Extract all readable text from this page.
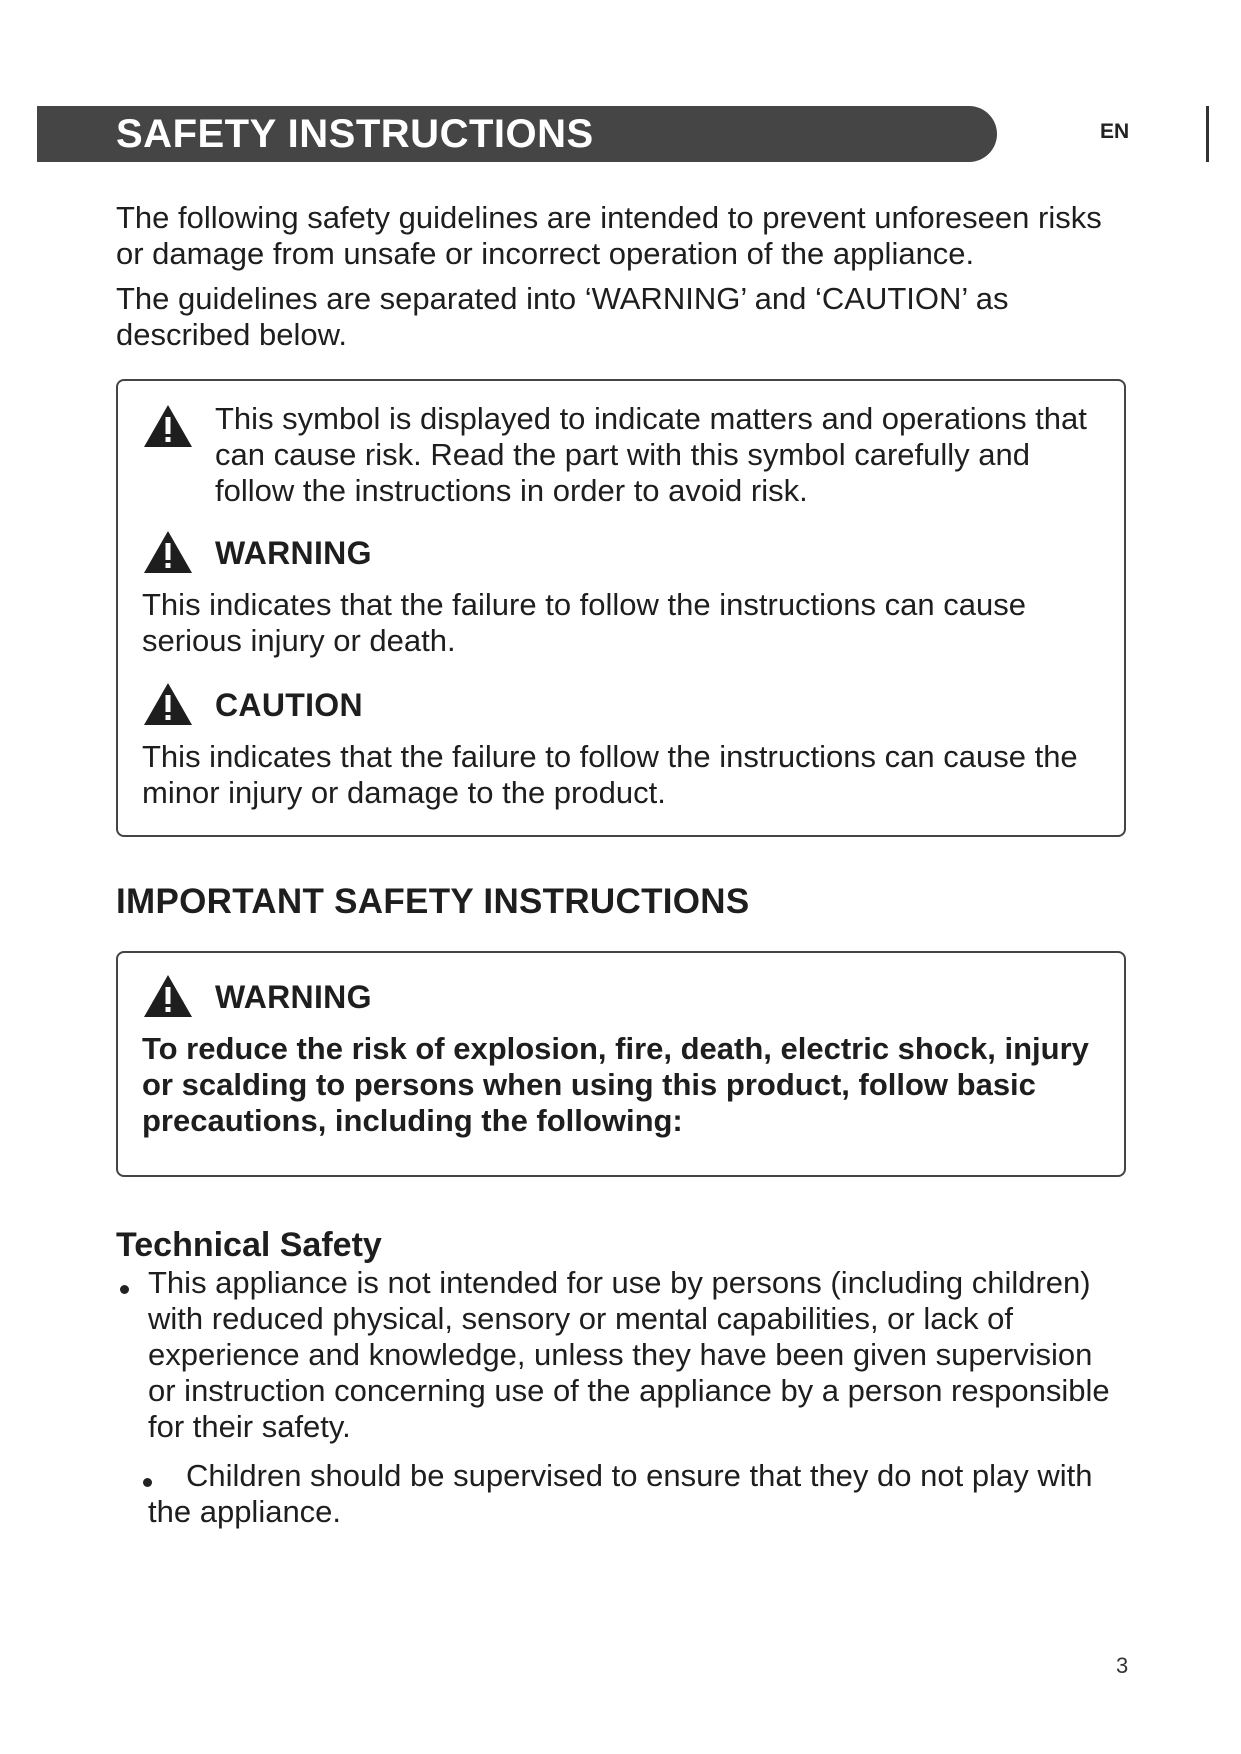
SAFETY INSTRUCTIONS	EN

The following safety guidelines are intended to prevent unforeseen risks or damage from unsafe or incorrect operation of the appliance.

The guidelines are separated into ‘WARNING’ and ‘CAUTION’ as described below.

This symbol is displayed to indicate matters and operations that can cause risk. Read the part with this symbol carefully and follow the instructions in order to avoid risk.
WARNING
This indicates that the failure to follow the instructions can cause serious injury or death.
CAUTION
This indicates that the failure to follow the instructions can cause the minor injury or damage to the product.
IMPORTANT SAFETY INSTRUCTIONS
WARNING
To reduce the risk of explosion, fire, death, electric shock, injury or scalding to persons when using this product, follow basic precautions, including the following:
Technical Safety
This appliance is not intended for use by persons (including children) with reduced physical, sensory or mental capabilities, or lack of experience and knowledge, unless they have been given supervision or instruction concerning use of the appliance by a person responsible for their safety.
Children should be supervised to ensure that they do not play with the appliance.
3
